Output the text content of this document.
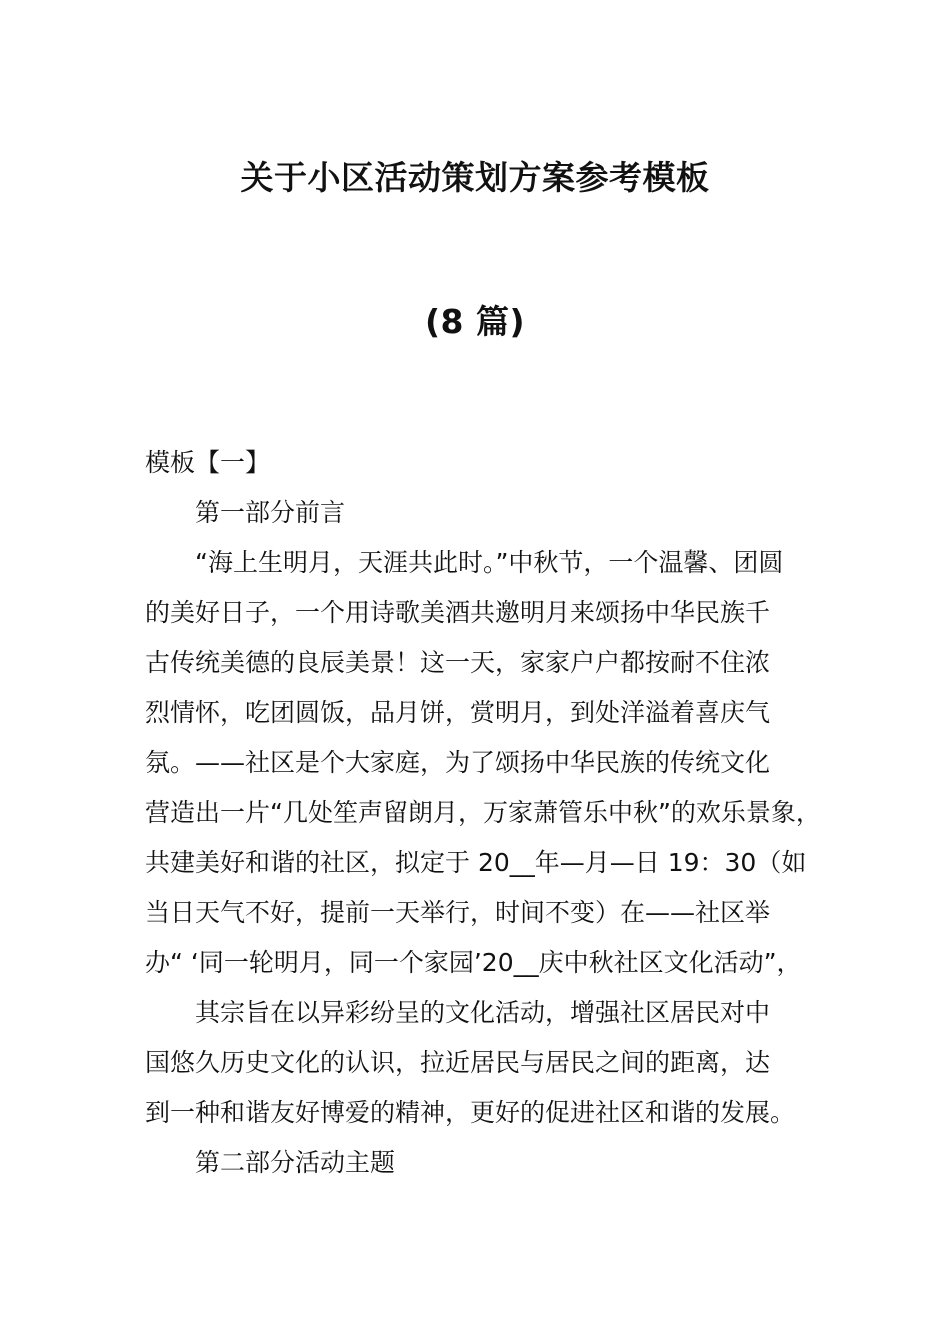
关于小区活动策划方案参考模板
(8 篇)
模板【一】
第一部分前言
“海上生明月，天涯共此时。”中秋节，一个温馨、团圆
的美好日子，一个用诗歌美酒共邀明月来颂扬中华民族千
古传统美德的良辰美景！这一天，家家户户都按耐不住浓
烈情怀，吃团圆饭，品月饼，赏明月，到处洋溢着喜庆气
氛。——社区是个大家庭，为了颂扬中华民族的传统文化
营造出一片“几处笙声留朗月，万家萧管乐中秋”的欢乐景象，
共建美好和谐的社区，拟定于 20__年—月—日 19：30（如
当日天气不好，提前一天举行，时间不变）在——社区举
办“ ‘同一轮明月，同一个家园’20__庆中秋社区文化活动”，
其宗旨在以异彩纷呈的文化活动，增强社区居民对中
国悠久历史文化的认识，拉近居民与居民之间的距离，达
到一种和谐友好博爱的精神，更好的促进社区和谐的发展。
第二部分活动主题
